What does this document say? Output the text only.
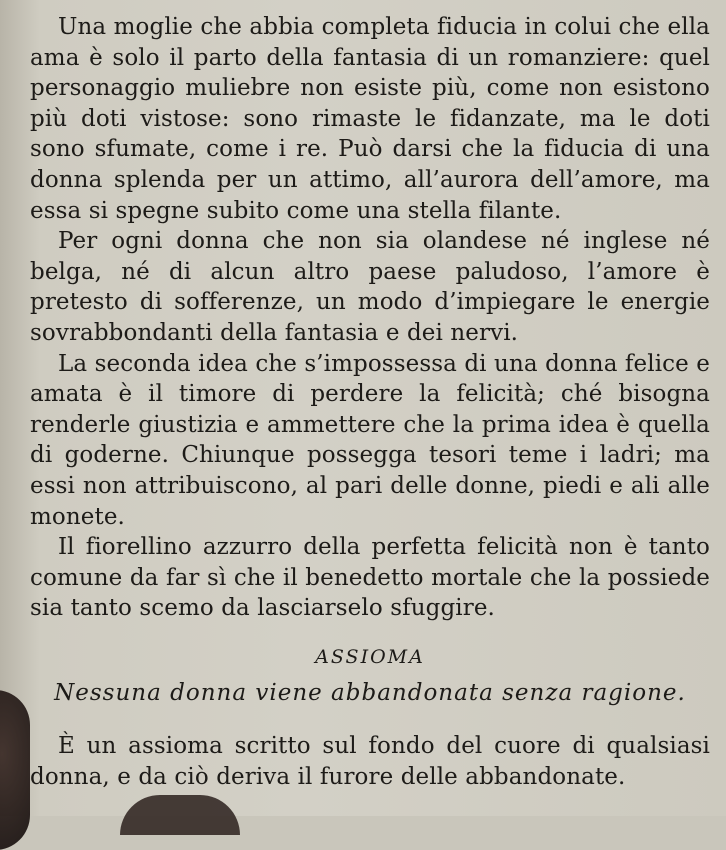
Una moglie che abbia completa fiducia in colui che ella ama è solo il parto della fantasia di un romanziere: quel personaggio muliebre non esiste più, come non esistono più doti vistose: sono rimaste le fidanzate, ma le doti sono sfumate, come i re. Può darsi che la fiducia di una donna splenda per un attimo, all’aurora dell’amore, ma essa si spegne subito come una stella filante.

Per ogni donna che non sia olandese né inglese né belga, né di alcun altro paese paludoso, l’amore è pretesto di sofferenze, un modo d’impiegare le energie sovrabbondanti della fantasia e dei nervi.

La seconda idea che s’impossessa di una donna felice e amata è il timore di perdere la felicità; ché bisogna renderle giustizia e ammettere che la prima idea è quella di goderne. Chiunque possegga tesori teme i ladri; ma essi non attribuiscono, al pari delle donne, piedi e ali alle monete.

Il fiorellino azzurro della perfetta felicità non è tanto comune da far sì che il benedetto mortale che la possiede sia tanto scemo da lasciarselo sfuggire.

ASSIOMA

Nessuna donna viene abbandonata senza ragione.

È un assioma scritto sul fondo del cuore di qualsiasi donna, e da ciò deriva il furore delle abbandonate.
